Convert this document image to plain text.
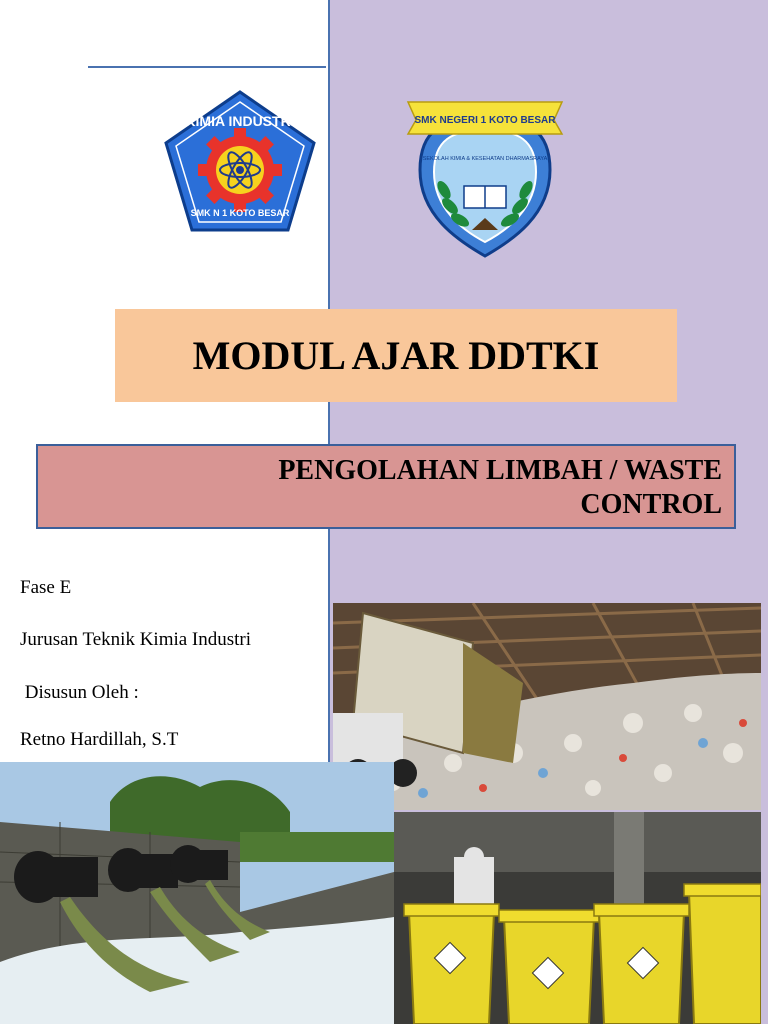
KIMIA INDUSTRI
SMK N 1 KOTO BESAR
SEKOLAH KIMIA & KESEHATAN DHARMASRAYA
SMK NEGERI 1 KOTO BESAR
MODUL AJAR DDTKI
PENGOLAHAN LIMBAH / WASTE
CONTROL
Fase E
Jurusan Teknik Kimia Industri
Disusun Oleh :
Retno Hardillah, S.T
